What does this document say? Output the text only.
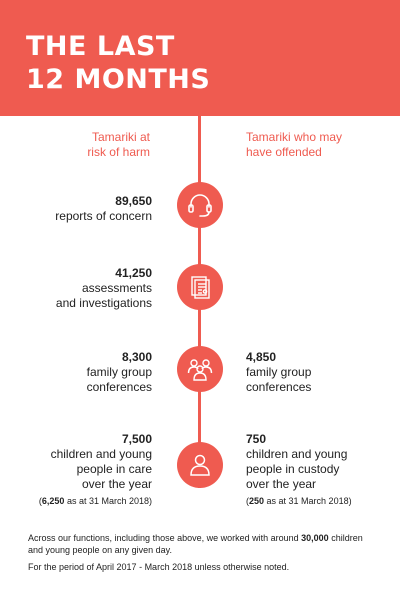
THE LAST
12 MONTHS
Tamariki at
risk of harm
Tamariki who may
have offended
89,650
reports of concern
41,250
assessments
and investigations
8,300
family group
conferences
4,850
family group
conferences
7,500
children and young
people in care
over the year
(6,250 as at 31 March 2018)
750
children and young
people in custody
over the year
(250 as at 31 March 2018)

Across our functions, including those above, we worked with around 30,000 children and young people on any given day.

For the period of April 2017 - March 2018 unless otherwise noted.
